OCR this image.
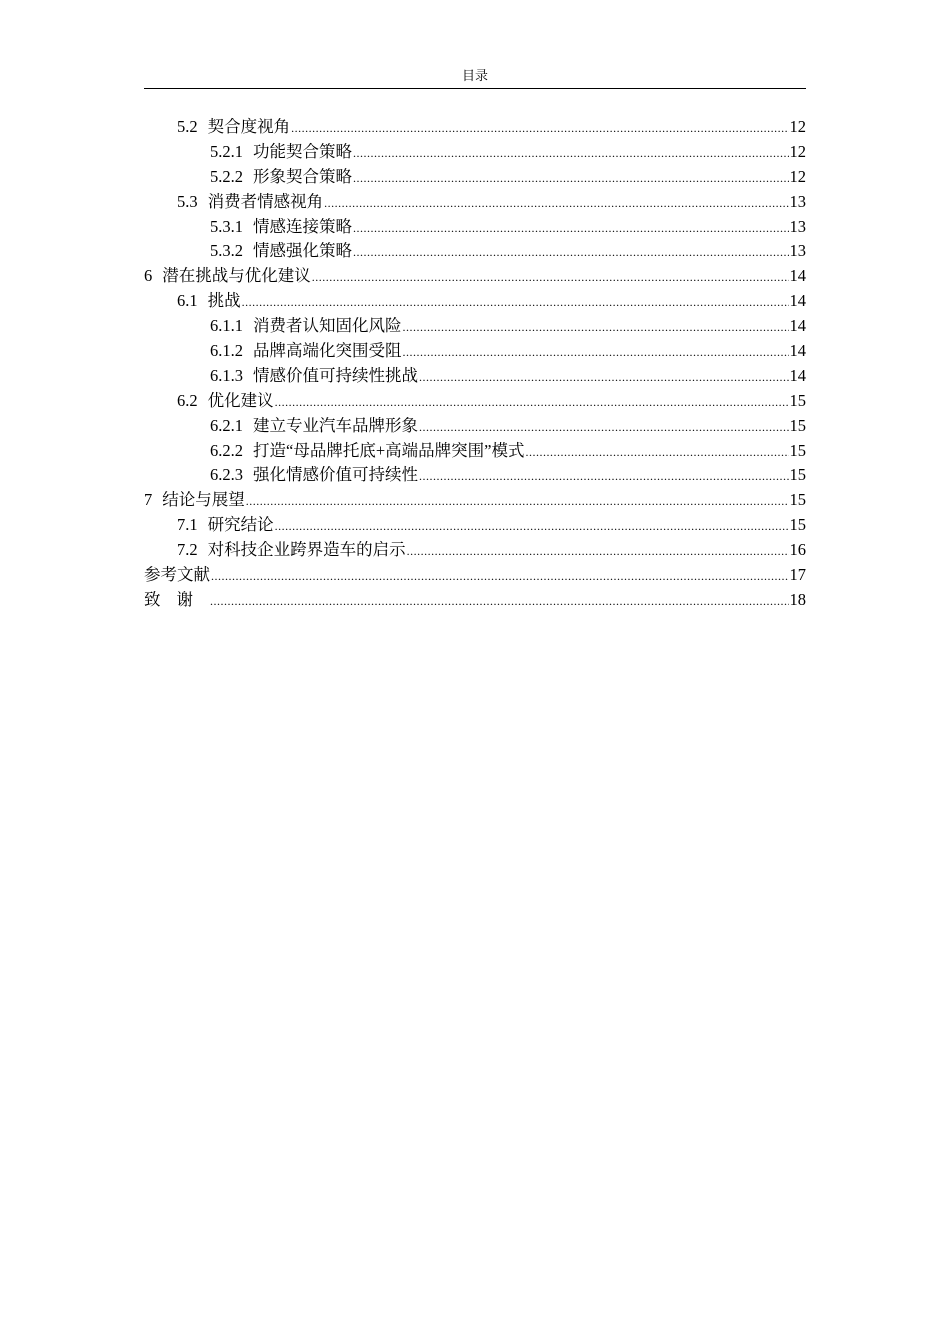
目录
5.2 契合度视角 .....	12
5.2.1 功能契合策略 .....	12
5.2.2 形象契合策略 .....	12
5.3 消费者情感视角 .....	13
5.3.1 情感连接策略 .....	13
5.3.2 情感强化策略 .....	13
6 潜在挑战与优化建议 .....	14
6.1 挑战 .....	14
6.1.1 消费者认知固化风险 .....	14
6.1.2 品牌高端化突围受阻 .....	14
6.1.3 情感价值可持续性挑战 .....	14
6.2 优化建议 .....	15
6.2.1 建立专业汽车品牌形象 .....	15
6.2.2 打造“母品牌托底+高端品牌突围”模式 .....	15
6.2.3 强化情感价值可持续性 .....	15
7 结论与展望 .....	15
7.1 研究结论 .....	15
7.2 对科技企业跨界造车的启示 .....	16
参考文献 .....	17
致谢 .....	18
